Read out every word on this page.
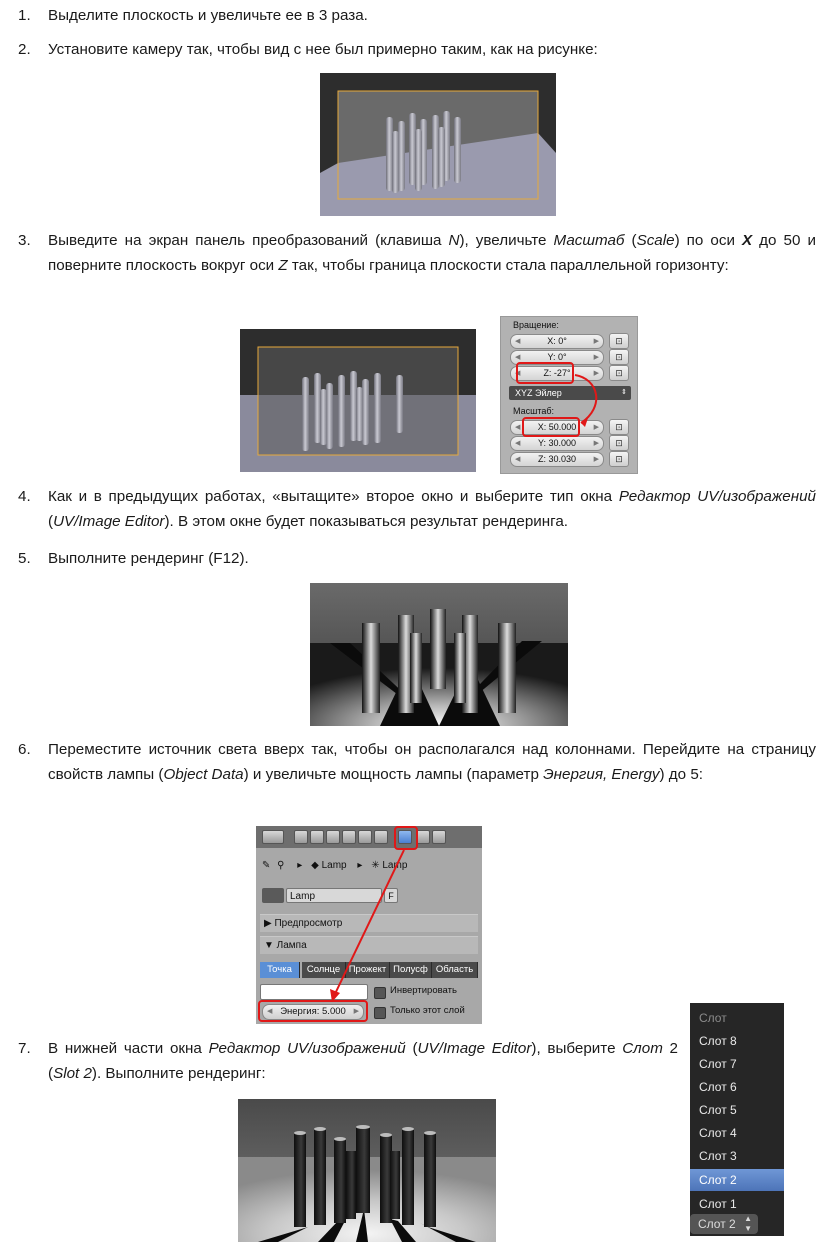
1. Выделите плоскость и увеличьте ее в 3 раза.
2. Установите камеру так, чтобы вид с нее был примерно таким, как на рисунке:
3. Выведите на экран панель преобразований (клавиша N), увеличьте Масштаб (Scale) по оси X до 50 и поверните плоскость вокруг оси Z так, чтобы граница плоскости стала параллельной горизонту:
Вращение:
◀	X: 0°	▶	⊡
◀	Y: 0°	▶	⊡
◀	Z: -27°	▶	⊡
XYZ Эйлер	⇕
Масштаб:
◀ X: 50.000 ▶	⊡
◀ Y: 30.000	▶	⊡
◀ Z: 30.030	▶	⊡
4. Как и в предыдущих работах, «вытащите» второе окно и выберите тип окна Редактор UV/изображений (UV/Image Editor). В этом окне будет показываться результат рендеринга.
5. Выполните рендеринг (F12).
6. Переместите источник света вверх так, чтобы он располагался над колоннами. Перейдите на страницу свойств лампы (Object Data) и увеличьте мощность лампы (параметр Энергия, Energy) до 5:
✎ ⚲ ▸ ◆ Lamp ▸ ✳ Lamp
Lamp	F
▶ Предпросмотр
▼ Лампа
Точка	Солнце Прожект Полусф Область
Инвертировать
◀ Энергия: 5.000 ▶	Только этот слой
7. В нижней части окна Редактор UV/изображений (UV/Image Editor), выберите Слот 2 (Slot 2). Выполните рендеринг:
Слот
Слот 8
Слот 7
Слот 6
Слот 5
Слот 4
Слот 3
Слот 2
Слот 1
Слот 2 ▲
▼
